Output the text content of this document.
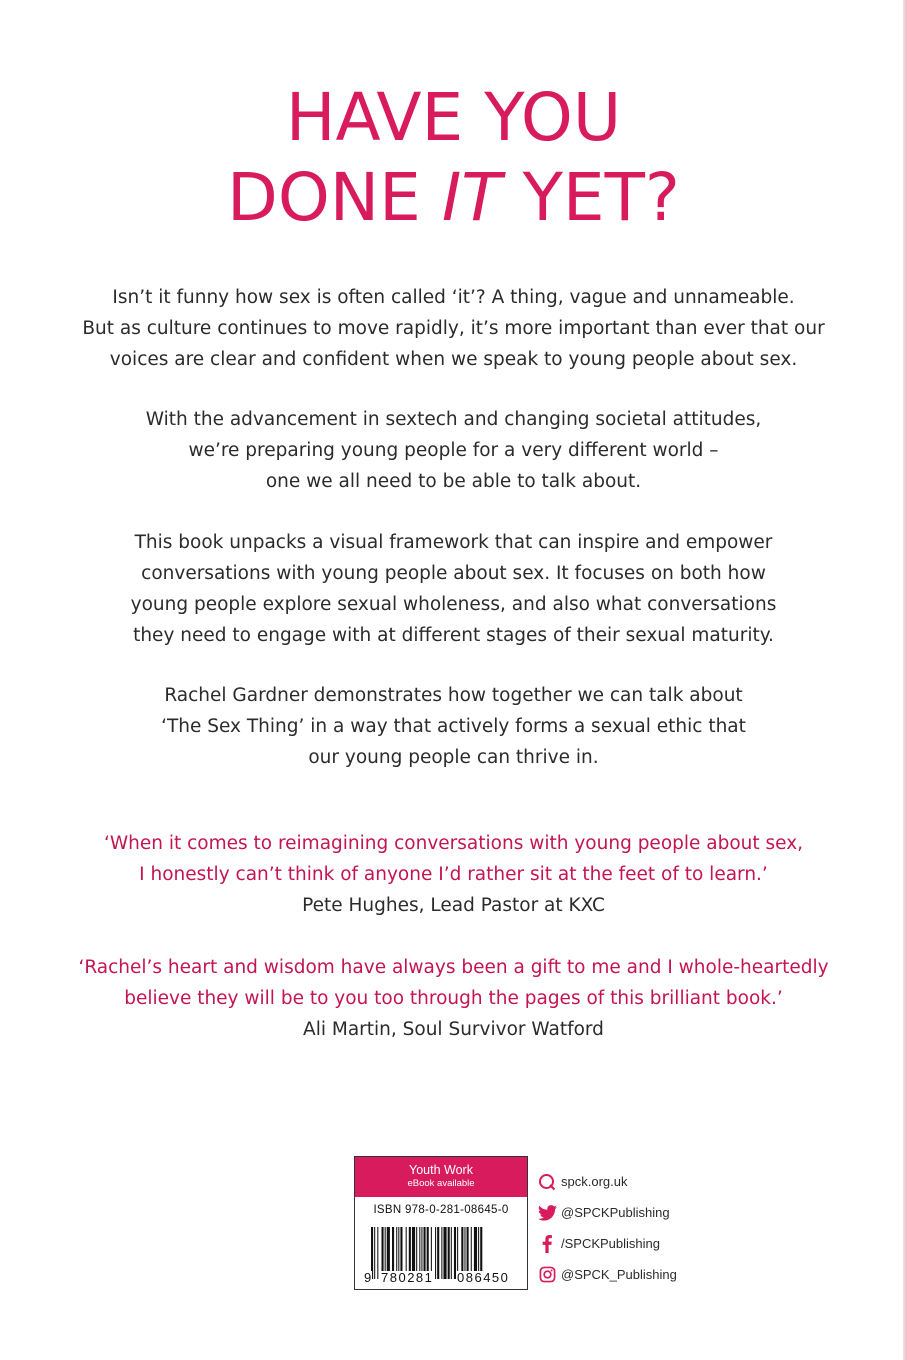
HAVE YOU
DONE IT YET?

Isn’t it funny how sex is often called ‘it’? A thing, vague and unnameable.

But as culture continues to move rapidly, it’s more important than ever that our

voices are clear and confident when we speak to young people about sex.

With the advancement in sextech and changing societal attitudes,

we’re preparing young people for a very different world –

one we all need to be able to talk about.

This book unpacks a visual framework that can inspire and empower

conversations with young people about sex. It focuses on both how

young people explore sexual wholeness, and also what conversations

they need to engage with at different stages of their sexual maturity.

Rachel Gardner demonstrates how together we can talk about

‘The Sex Thing’ in a way that actively forms a sexual ethic that

our young people can thrive in.

‘When it comes to reimagining conversations with young people about sex,
I honestly can’t think of anyone I’d rather sit at the feet of to learn.’
Pete Hughes, Lead Pastor at KXC
‘Rachel’s heart and wisdom have always been a gift to me and I whole-heartedly
believe they will be to you too through the pages of this brilliant book.’
Ali Martin, Soul Survivor Watford
Youth Work
eBook available
ISBN 978-0-281-08645-0
9 780281 086450
spck.org.uk
@SPCKPublishing
/SPCKPublishing
@SPCK_Publishing
